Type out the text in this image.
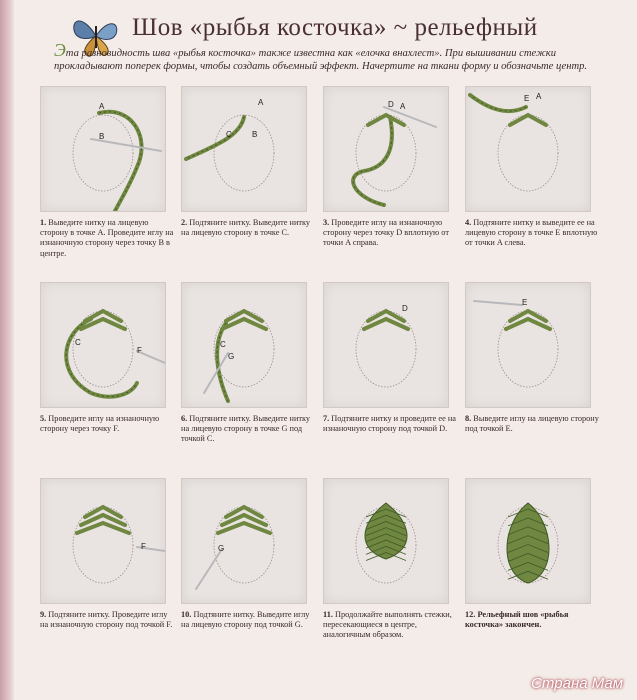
Шов «рыбья косточка» ~ рельефный
Эта разновидность шва «рыбья косточка» также известна как «елочка внахлест». При вышивании стежки прокладывают поперек формы, чтобы создать объемный эффект. Начертите на ткани форму и обозначьте центр.
A
B
1. Выведите нитку на лицевую сторону в точке A. Проведите иглу на изнаночную сторону через точку B в центре.
A
C	B
2. Подтяните нитку. Выведите нитку на лицевую сторону в точке C.
D A
3. Проведите иглу на изнаночную сторону через точку D вплотную от точки A справа.
E A
4. Подтяните нитку и выведите ее на лицевую сторону в точке E вплотную от точки A слева.
C
F
5. Проведите иглу на изнаночную сторону через точку F.
C
G
6. Подтяните нитку. Выведите нитку на лицевую сторону в точке G под точкой C.
D
7. Подтяните нитку и проведите ее на изнаночную сторону под точкой D.
E
8. Выведите иглу на лицевую сторону под точкой E.
F
9. Подтяните нитку. Проведите иглу на изнаночную сторону под точкой F.
G
10. Подтяните нитку. Выведите иглу на лицевую сторону под точкой G.
11. Продолжайте выполнять стежки, пересекающиеся в центре, аналогичным образом.
12. Рельефный шов «рыбья косточка» закончен.
Страна Мам
